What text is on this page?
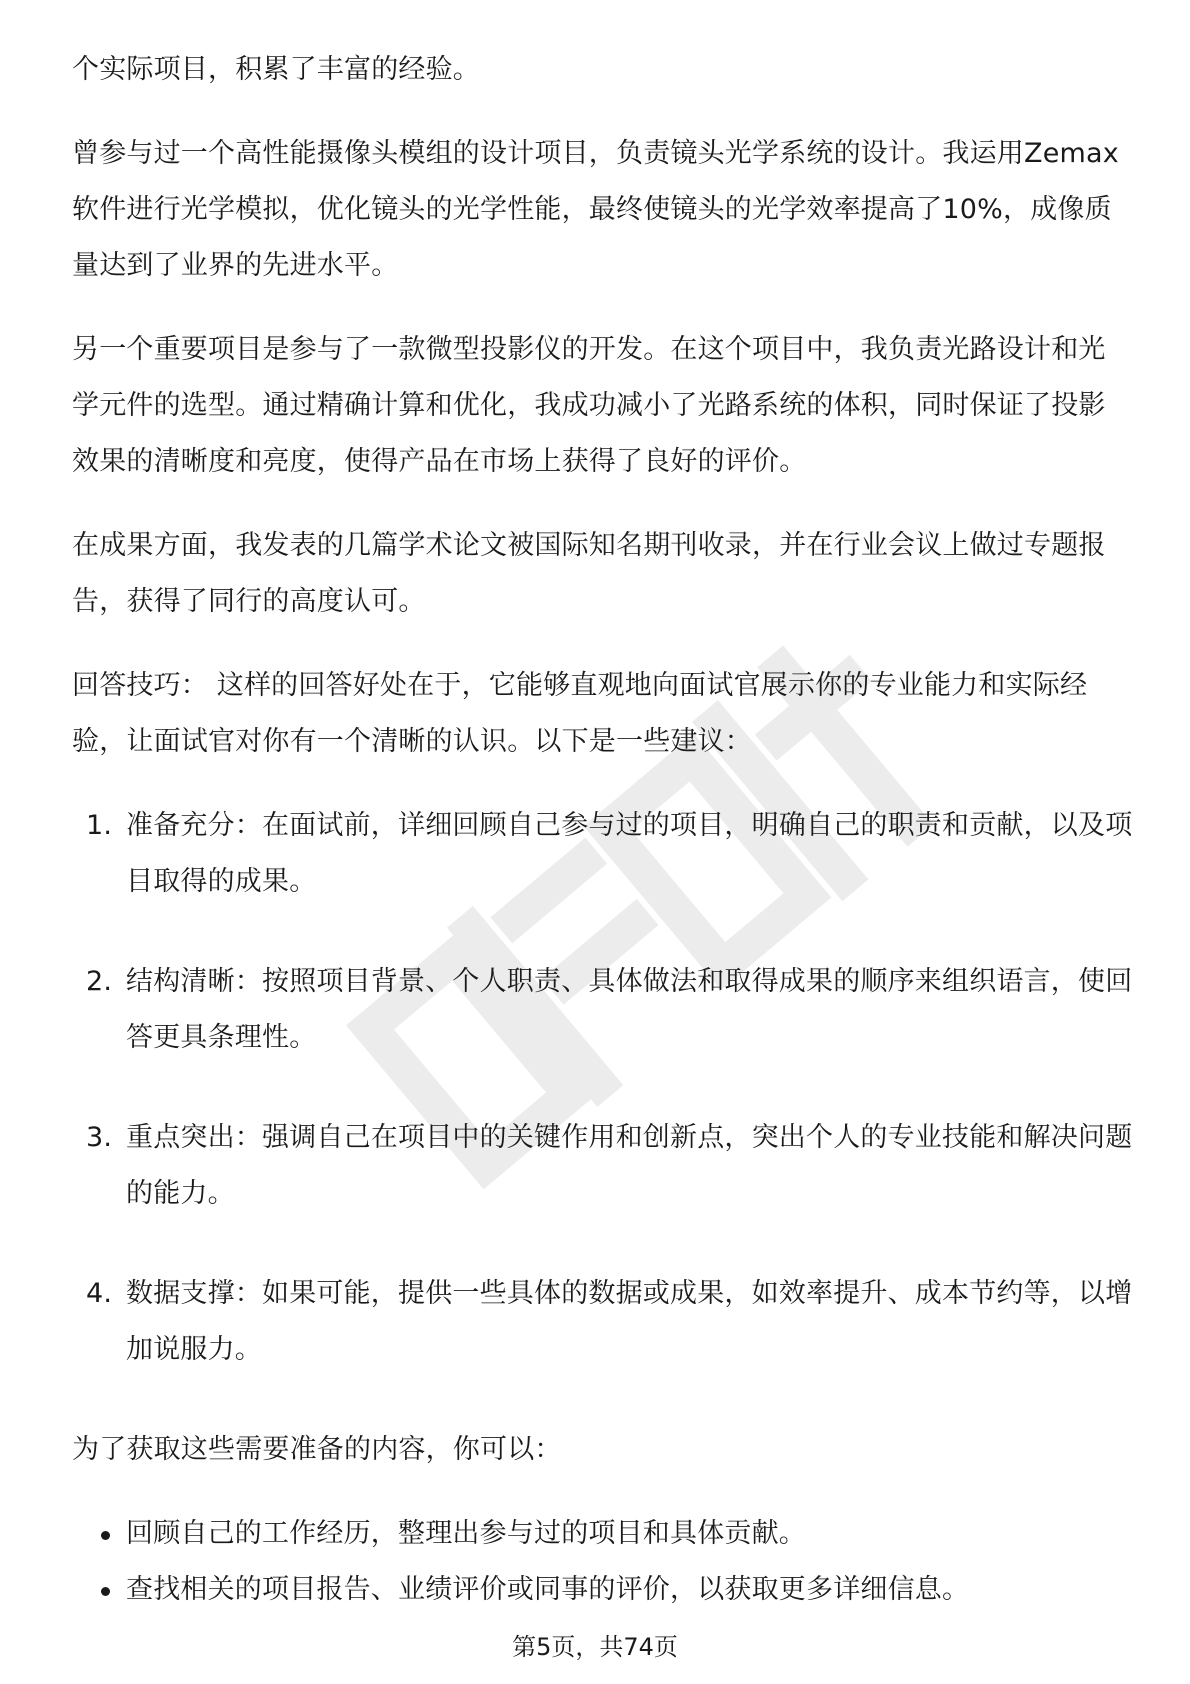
个实际项目，积累了丰富的经验。

曾参与过一个高性能摄像头模组的设计项目，负责镜头光学系统的设计。我运用Zemax软件进行光学模拟，优化镜头的光学性能，最终使镜头的光学效率提高了10%，成像质量达到了业界的先进水平。

另一个重要项目是参与了一款微型投影仪的开发。在这个项目中，我负责光路设计和光学元件的选型。通过精确计算和优化，我成功减小了光路系统的体积，同时保证了投影效果的清晰度和亮度，使得产品在市场上获得了良好的评价。

在成果方面，我发表的几篇学术论文被国际知名期刊收录，并在行业会议上做过专题报告，获得了同行的高度认可。

回答技巧： 这样的回答好处在于，它能够直观地向面试官展示你的专业能力和实际经验，让面试官对你有一个清晰的认识。以下是一些建议：

1. 准备充分：在面试前，详细回顾自己参与过的项目，明确自己的职责和贡献，以及项目取得的成果。
2. 结构清晰：按照项目背景、个人职责、具体做法和取得成果的顺序来组织语言，使回答更具条理性。
3. 重点突出：强调自己在项目中的关键作用和创新点，突出个人的专业技能和解决问题的能力。
4. 数据支撑：如果可能，提供一些具体的数据或成果，如效率提升、成本节约等，以增加说服力。

为了获取这些需要准备的内容，你可以：

回顾自己的工作经历，整理出参与过的项目和具体贡献。
查找相关的项目报告、业绩评价或同事的评价，以获取更多详细信息。
第5页，共74页
